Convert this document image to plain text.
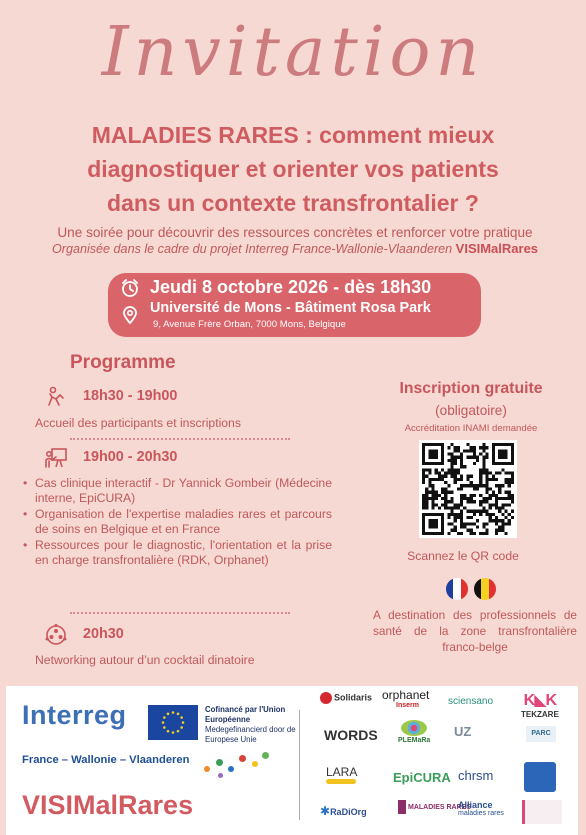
Invitation
MALADIES RARES : comment mieux
diagnostiquer et orienter vos patients
dans un contexte transfrontalier ?
Une soirée pour découvrir des ressources concrètes et renforcer votre pratique
Organisée dans le cadre du projet Interreg France-Wallonie-Vlaanderen VISIMalRares
Jeudi 8 octobre 2026 - dès 18h30
Université de Mons - Bâtiment Rosa Park
9, Avenue Frère Orban, 7000 Mons, Belgique
Programme
18h30 - 19h00
Accueil des participants et inscriptions
19h00 - 20h30
• Cas clinique interactif - Dr Yannick Gombeir (Médecine interne, EpiCURA)
• Organisation de l'expertise maladies rares et parcours de soins en Belgique et en France
• Ressources pour le diagnostic, l'orientation et la prise en charge transfrontalière (RDK, Orphanet)
20h30
Networking autour d’un cocktail dinatoire
Inscription gratuite
(obligatoire)
Accréditation INAMI demandée
Scannez le QR code
A destination des professionnels de santé de la zone transfrontalière franco-belge
Interreg	Cofinancé par l'Union Européenne
Medegefinancierd door de Europese Unie
France – Wallonie – Vlaanderen
VISIMalRares
Solidaris orphanet
Inserm	sciensano K◣K
TEKZARE
WORDS	PLEMaRa
UZ	PARC
LARA	EpiCURA chrsm
✱RaDiOrg	MALADIES RARES
Alliance
maladies rares
